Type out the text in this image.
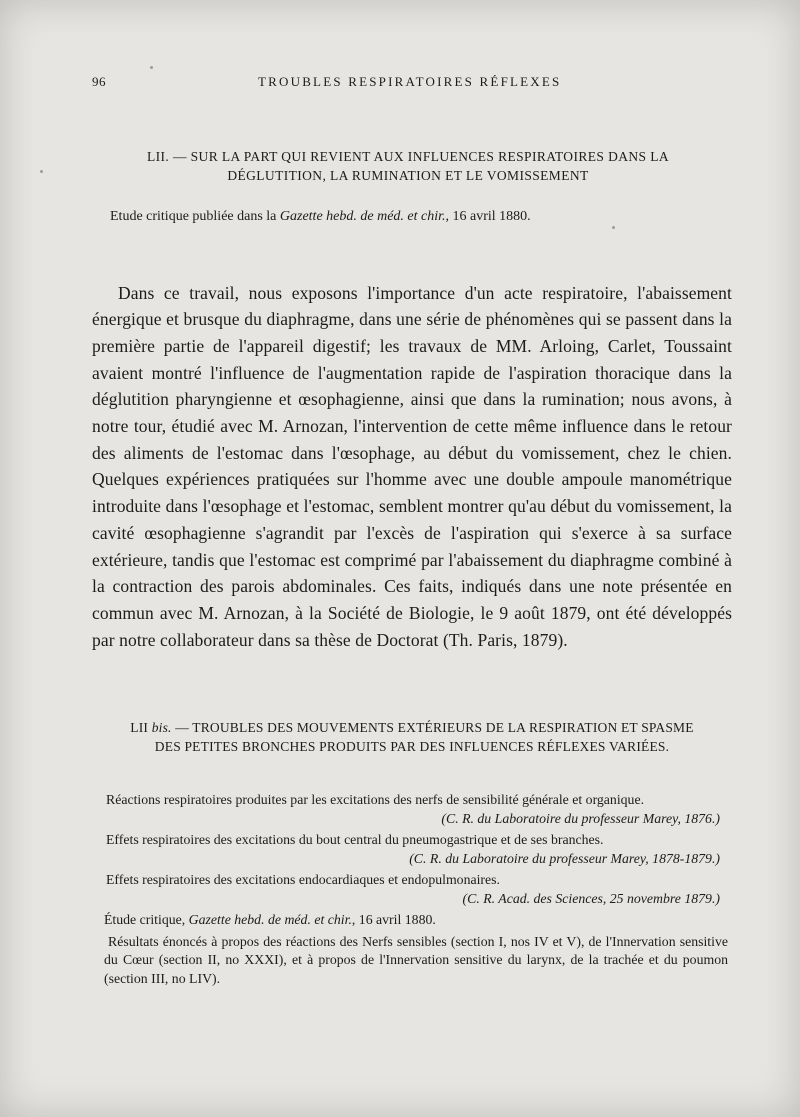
96	TROUBLES RESPIRATOIRES RÉFLEXES
LII. — SUR LA PART QUI REVIENT AUX INFLUENCES RESPIRATOIRES DANS LA
DÉGLUTITION, LA RUMINATION ET LE VOMISSEMENT
Etude critique publiée dans la Gazette hebd. de méd. et chir., 16 avril 1880.

Dans ce travail, nous exposons l'importance d'un acte respiratoire, l'abaissement énergique et brusque du diaphragme, dans une série de phénomènes qui se passent dans la première partie de l'appareil digestif; les travaux de MM. Arloing, Carlet, Toussaint avaient montré l'influence de l'augmentation rapide de l'aspiration thoracique dans la déglutition pharyngienne et œsophagienne, ainsi que dans la rumination; nous avons, à notre tour, étudié avec M. Arnozan, l'intervention de cette même influence dans le retour des aliments de l'estomac dans l'œsophage, au début du vomissement, chez le chien. Quelques expériences pratiquées sur l'homme avec une double ampoule manométrique introduite dans l'œsophage et l'estomac, semblent montrer qu'au début du vomissement, la cavité œsophagienne s'agrandit par l'excès de l'aspiration qui s'exerce à sa surface extérieure, tandis que l'estomac est comprimé par l'abaissement du diaphragme combiné à la contraction des parois abdominales. Ces faits, indiqués dans une note présentée en commun avec M. Arnozan, à la Société de Biologie, le 9 août 1879, ont été développés par notre collaborateur dans sa thèse de Doctorat (Th. Paris, 1879).

LII bis. — TROUBLES DES MOUVEMENTS EXTÉRIEURS DE LA RESPIRATION ET SPASME
DES PETITES BRONCHES PRODUITS PAR DES INFLUENCES RÉFLEXES VARIÉES.
Réactions respiratoires produites par les excitations des nerfs de sensibilité générale et organique.
(C. R. du Laboratoire du professeur Marey, 1876.)
Effets respiratoires des excitations du bout central du pneumogastrique et de ses branches.
(C. R. du Laboratoire du professeur Marey, 1878-1879.)
Effets respiratoires des excitations endocardiaques et endopulmonaires.
(C. R. Acad. des Sciences, 25 novembre 1879.)
Étude critique, Gazette hebd. de méd. et chir., 16 avril 1880.
Résultats énoncés à propos des réactions des Nerfs sensibles (section I, nos IV et V), de l'Innervation sensitive du Cœur (section II, no XXXI), et à propos de l'Innervation sensitive du larynx, de la trachée et du poumon (section III, no LIV).
